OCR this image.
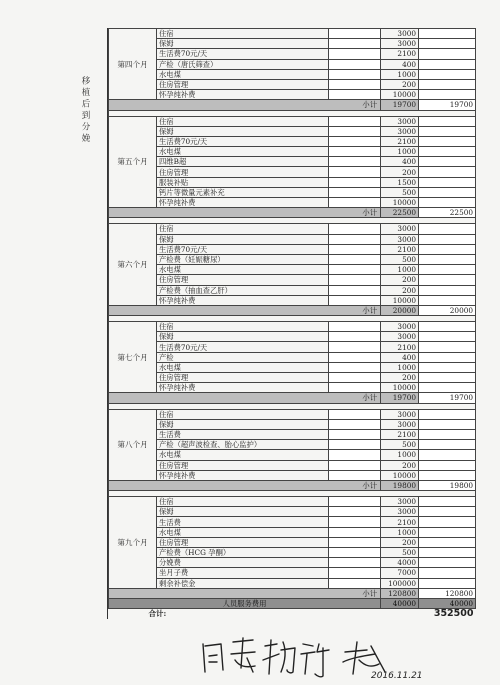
移植后到分娩
第四个月	住宿		3000	
	保姆		3000	
	生活费70元/天		2100	
	产检（唐氏筛查）		400	
	水电煤		1000	
	住房管理		200	
	怀孕纯补费		10000	
小计			19700	19700

第五个月	住宿		3000	
	保姆		3000	
	生活费70元/天		2100	
	水电煤		1000	
	四维B超		400	
	住房管理		200	
	服装补贴		1500	
	钙片等微量元素补充		500	
	怀孕纯补费		10000	
小计			22500	22500

第六个月	住宿		3000	
	保姆		3000	
	生活费70元/天		2100	
	产检费（妊娠糖尿）		500	
	水电煤		1000	
	住房管理		200	
	产检费（抽血查乙肝）		200	
	怀孕纯补费		10000	
小计			20000	20000

第七个月	住宿		3000	
	保姆		3000	
	生活费70元/天		2100	
	产检		400	
	水电煤		1000	
	住房管理		200	
	怀孕纯补费		10000	
小计			19700	19700

第八个月	住宿		3000	
	保姆		3000	
	生活费		2100	
	产检（超声波检查、胎心监护）		500	
	水电煤		1000	
	住房管理		200	
	怀孕纯补费		10000	
小计			19800	19800

第九个月	住宿		3000	
	保姆		3000	
	生活费		2100	
	水电煤		1000	
	住房管理		200	
	产检费（HCG 孕酮）		500	
	分娩费		4000	
	坐月子费		7000	
	剩余补偿金		100000	
小计			120800	120800
人员服务费用			40000	40000
合计:			352500	
2016.11.21
